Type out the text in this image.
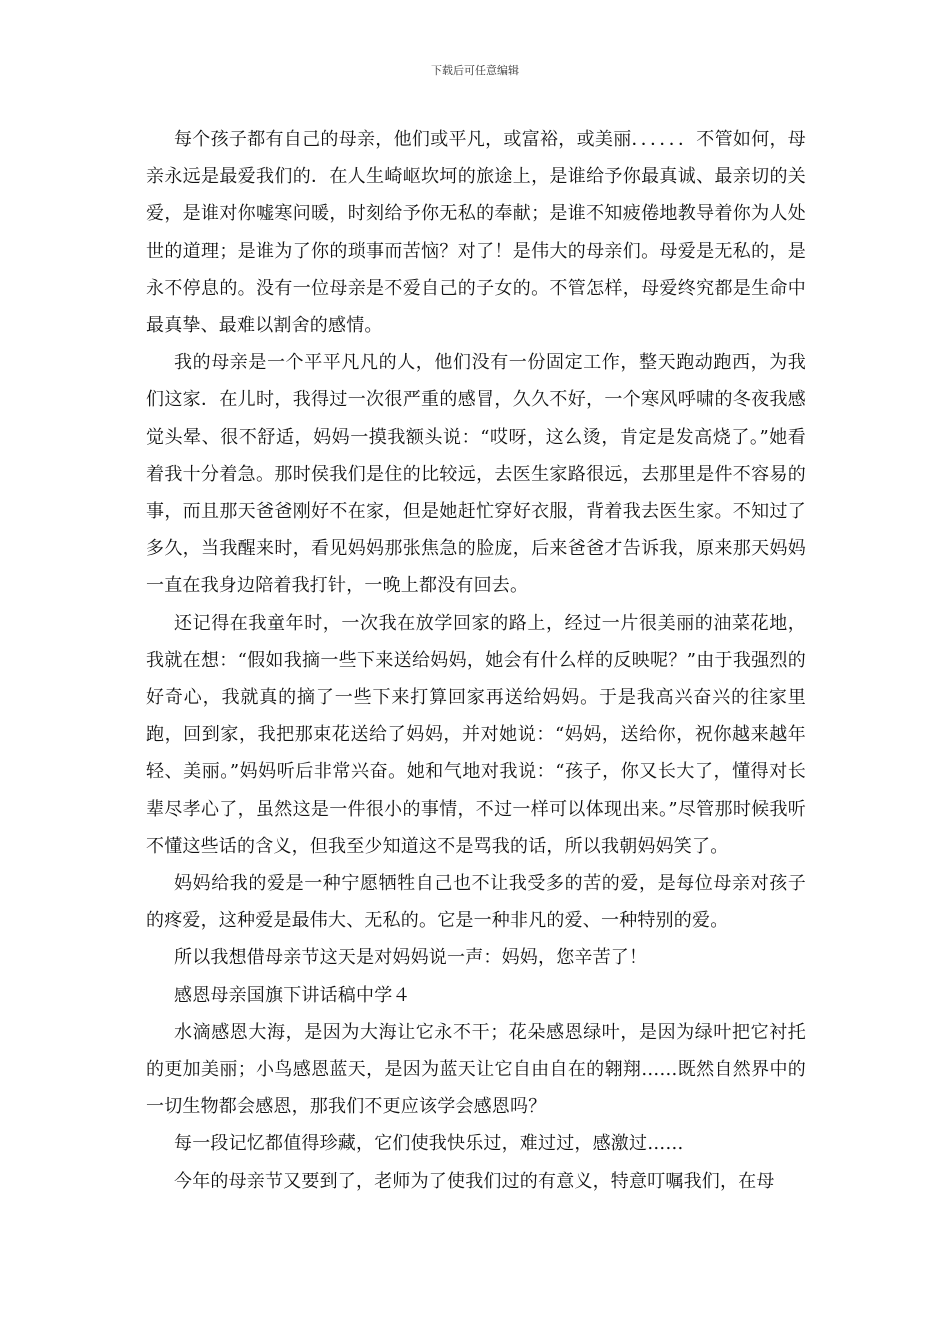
下载后可任意编辑

每个孩子都有自己的母亲，他们或平凡，或富裕，或美丽．．．．．．不管如何，母亲永远是最爱我们的．在人生崎岖坎坷的旅途上，是谁给予你最真诚、最亲切的关爱，是谁对你嘘寒问暖，时刻给予你无私的奉献；是谁不知疲倦地教导着你为人处世的道理；是谁为了你的琐事而苦恼？对了！是伟大的母亲们。母爱是无私的，是永不停息的。没有一位母亲是不爱自己的子女的。不管怎样，母爱终究都是生命中最真挚、最难以割舍的感情。

我的母亲是一个平平凡凡的人，他们没有一份固定工作，整天跑动跑西，为我们这家．在儿时，我得过一次很严重的感冒，久久不好，一个寒风呼啸的冬夜我感觉头晕、很不舒适，妈妈一摸我额头说：“哎呀，这么烫，肯定是发高烧了。”她看着我十分着急。那时侯我们是住的比较远，去医生家路很远，去那里是件不容易的事，而且那天爸爸刚好不在家，但是她赶忙穿好衣服，背着我去医生家。不知过了多久，当我醒来时，看见妈妈那张焦急的脸庞，后来爸爸才告诉我，原来那天妈妈一直在我身边陪着我打针，一晚上都没有回去。

还记得在我童年时，一次我在放学回家的路上，经过一片很美丽的油菜花地，我就在想：“假如我摘一些下来送给妈妈，她会有什么样的反映呢？”由于我强烈的好奇心，我就真的摘了一些下来打算回家再送给妈妈。于是我高兴奋兴的往家里跑，回到家，我把那束花送给了妈妈，并对她说：“妈妈，送给你，祝你越来越年轻、美丽。”妈妈听后非常兴奋。她和气地对我说：“孩子，你又长大了，懂得对长辈尽孝心了，虽然这是一件很小的事情，不过一样可以体现出来。”尽管那时候我听不懂这些话的含义，但我至少知道这不是骂我的话，所以我朝妈妈笑了。

妈妈给我的爱是一种宁愿牺牲自己也不让我受多的苦的爱，是每位母亲对孩子的疼爱，这种爱是最伟大、无私的。它是一种非凡的爱、一种特别的爱。

所以我想借母亲节这天是对妈妈说一声：妈妈，您辛苦了！

感恩母亲国旗下讲话稿中学４

水滴感恩大海，是因为大海让它永不干；花朵感恩绿叶，是因为绿叶把它衬托的更加美丽；小鸟感恩蓝天，是因为蓝天让它自由自在的翱翔……既然自然界中的一切生物都会感恩，那我们不更应该学会感恩吗？

每一段记忆都值得珍藏，它们使我快乐过，难过过，感激过……

今年的母亲节又要到了，老师为了使我们过的有意义，特意叮嘱我们，在母
